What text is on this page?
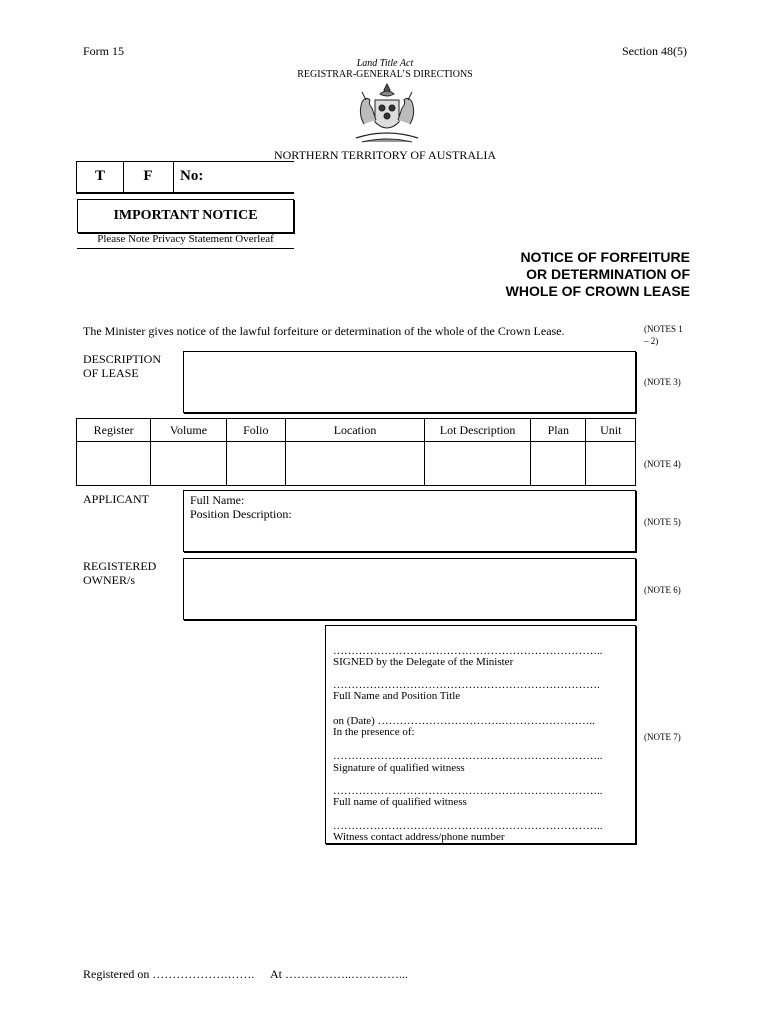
Form 15	Section 48(5)
Land Title Act
REGISTRAR-GENERAL’S DIRECTIONS
NORTHERN TERRITORY OF AUSTRALIA
T	F	No:
IMPORTANT NOTICE
Please Note Privacy Statement Overleaf
NOTICE OF FORFEITURE
OR DETERMINATION OF
WHOLE OF CROWN LEASE
The Minister gives notice of the lawful forfeiture or determination of the whole of the Crown Lease.	(NOTES 1
– 2)
DESCRIPTION
OF LEASE
(NOTE 3)
Register	Volume	Folio	Location	Lot Description	Plan	Unit

(NOTE 4)
APPLICANT	Full Name:
Position Description:
(NOTE 5)
REGISTERED
OWNER/s
(NOTE 6)
………………………………………………………………..
SIGNED by the Delegate of the Minister
……………………………………………………………….
Full Name and Position Title
on (Date) …………………………….……………………..
In the presence of:
………………………………………………………………..
Signature of qualified witness
………………………………………………………………..
Full name of qualified witness
………………………………………………………………..
Witness contact address/phone number
(NOTE 7)
Registered on ……………….……. At ……………..…………...
